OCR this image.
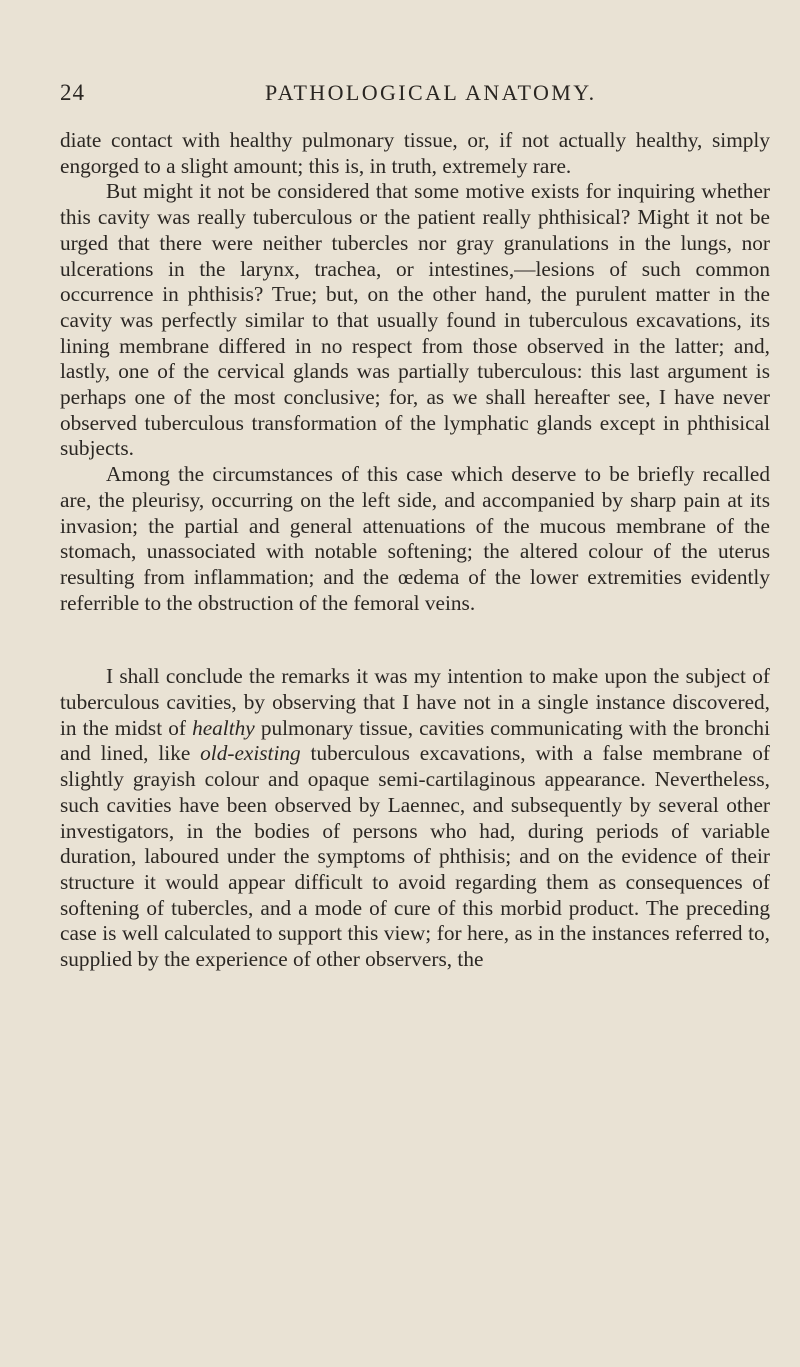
24	PATHOLOGICAL ANATOMY.

diate contact with healthy pulmonary tissue, or, if not actually healthy, simply engorged to a slight amount; this is, in truth, extremely rare.

But might it not be considered that some motive exists for inquiring whether this cavity was really tuberculous or the patient really phthisical? Might it not be urged that there were neither tubercles nor gray granulations in the lungs, nor ulcerations in the larynx, trachea, or intestines,—lesions of such common occurrence in phthisis? True; but, on the other hand, the purulent matter in the cavity was perfectly similar to that usually found in tuberculous excavations, its lining membrane differed in no respect from those observed in the latter; and, lastly, one of the cervical glands was partially tuberculous: this last argument is perhaps one of the most conclusive; for, as we shall hereafter see, I have never observed tuberculous transformation of the lymphatic glands except in phthisical subjects.

Among the circumstances of this case which deserve to be briefly recalled are, the pleurisy, occurring on the left side, and accompanied by sharp pain at its invasion; the partial and general attenuations of the mucous membrane of the stomach, unassociated with notable softening; the altered colour of the uterus resulting from inflammation; and the œdema of the lower extremities evidently referrible to the obstruction of the femoral veins.

I shall conclude the remarks it was my intention to make upon the subject of tuberculous cavities, by observing that I have not in a single instance discovered, in the midst of healthy pulmonary tissue, cavities communicating with the bronchi and lined, like old-existing tuberculous excavations, with a false membrane of slightly grayish colour and opaque semi-cartilaginous appearance. Nevertheless, such cavities have been observed by Laennec, and subsequently by several other investigators, in the bodies of persons who had, during periods of variable duration, laboured under the symptoms of phthisis; and on the evidence of their structure it would appear difficult to avoid regarding them as consequences of softening of tubercles, and a mode of cure of this morbid product. The preceding case is well calculated to support this view; for here, as in the instances referred to, supplied by the experience of other observers, the
